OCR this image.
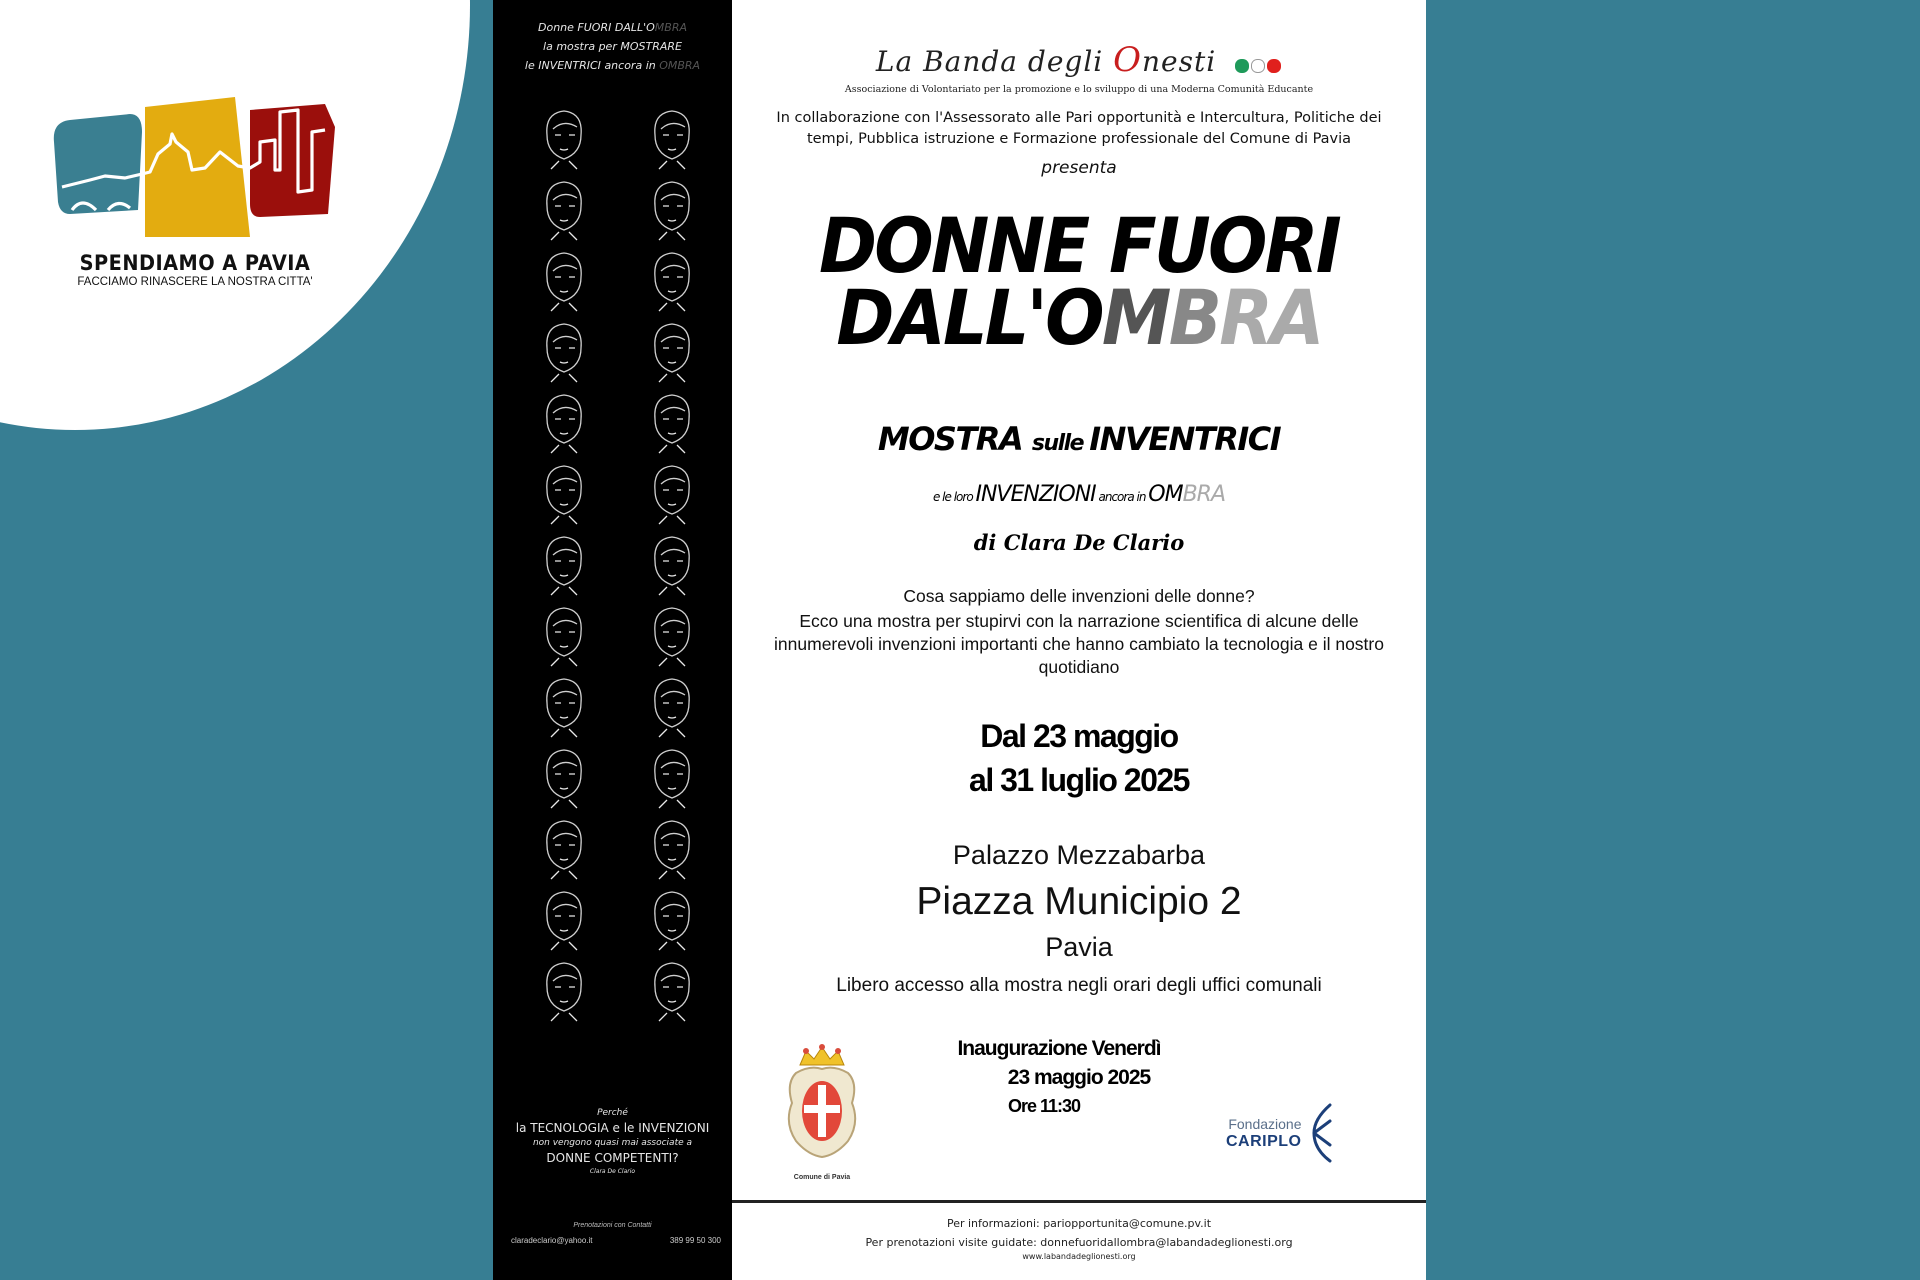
SPENDIAMO A PAVIA
FACCIAMO RINASCERE LA NOSTRA CITTA'
Donne FUORI DALL'OMBRA
la mostra per MOSTRARE
le INVENTRICI ancora in OMBRA
Perché
la TECNOLOGIA e le INVENZIONI
non vengono quasi mai associate a
DONNE COMPETENTI?
Clara De Clario
Prenotazioni con Contatti
claradeclario@yahoo.it	389 99 50 300
La Banda degli Onesti
Associazione di Volontariato per la promozione e lo sviluppo di una Moderna Comunità Educante
In collaborazione con l'Assessorato alle Pari opportunità e Intercultura, Politiche dei tempi, Pubblica istruzione e Formazione professionale del Comune di Pavia
presenta
DONNE FUORI
DALL'OMBRA
MOSTRA sulle INVENTRICI
e le loro INVENZIONI ancora in OMBRA
di Clara De Clario
Cosa sappiamo delle invenzioni delle donne?
Ecco una mostra per stupirvi con la narrazione scientifica di alcune delle innumerevoli invenzioni importanti che hanno cambiato la tecnologia e il nostro quotidiano
Dal 23 maggio
al 31 luglio 2025
Palazzo Mezzabarba
Piazza Municipio 2
Pavia
Libero accesso alla mostra negli orari degli uffici comunali
Comune di Pavia
Inaugurazione Venerdì
23 maggio 2025
Ore 11:30
Fondazione
CARIPLO
Per informazioni: pariopportunita@comune.pv.it
Per prenotazioni visite guidate: donnefuoridallombra@labandadeglionesti.org
www.labandadeglionesti.org
